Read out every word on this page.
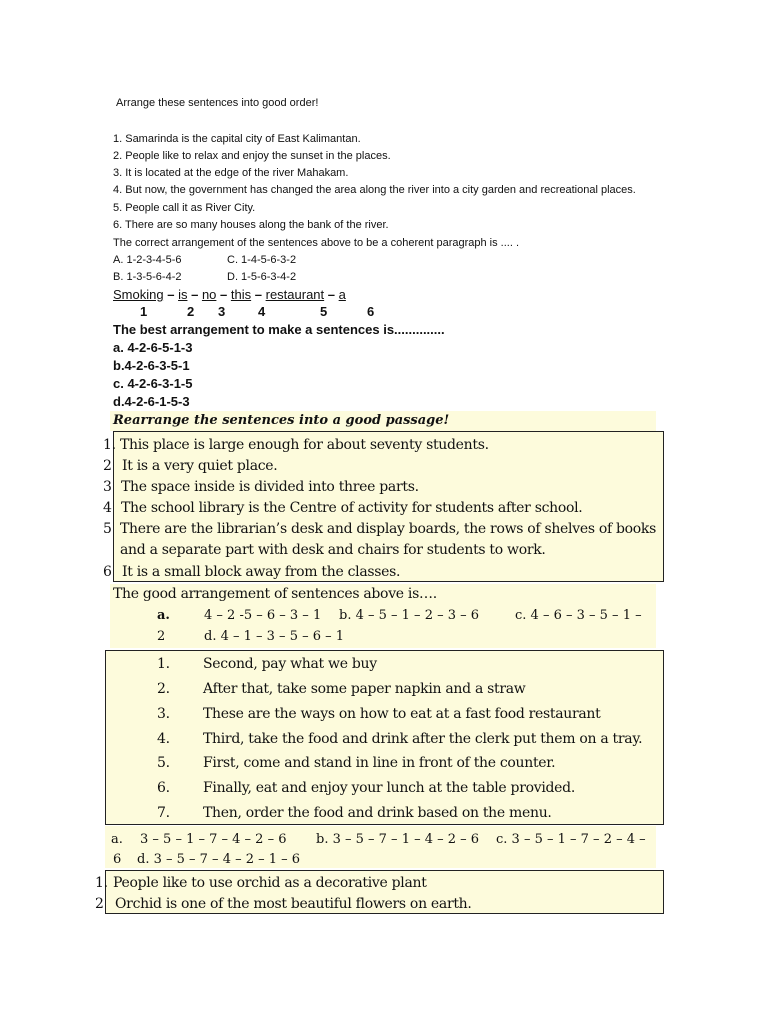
Arrange these sentences into good order!
1. Samarinda is the capital city of East Kalimantan.
2. People like to relax and enjoy the sunset in the places.
3. It is located at the edge of the river Mahakam.
4. But now, the government has changed the area along the river into a city garden and recreational places.
5. People call it as River City.
6. There are so many houses along the bank of the river.
The correct arrangement of the sentences above to be a coherent paragraph is .... .
A. 1-2-3-4-5-6	C. 1-4-5-6-3-2
B. 1-3-5-6-4-2	D. 1-5-6-3-4-2
Smoking – is – no – this – restaurant – a
1	2 3	4	5	6
The best arrangement to make a sentences is..............
a. 4-2-6-5-1-3
b.4-2-6-3-5-1
c. 4-2-6-3-1-5
d.4-2-6-1-5-3
Rearrange the sentences into a good passage!
1.
2
3
4
5
6
This place is large enough for about seventy students.
It is a very quiet place.
The space inside is divided into three parts.
The school library is the Centre of activity for students after school.
There are the librarian’s desk and display boards, the rows of shelves of books
and a separate part with desk and chairs for students to work.
It is a small block away from the classes.
The good arrangement of sentences above is….
a.	4 – 2 -5 – 6 – 3 – 1 b. 4 – 5 – 1 – 2 – 3 – 6	c. 4 – 6 – 3 – 5 – 1 –
2	d. 4 – 1 – 3 – 5 – 6 – 1
1. Second, pay what we buy
2. After that, take some paper napkin and a straw
3. These are the ways on how to eat at a fast food restaurant
4. Third, take the food and drink after the clerk put them on a tray.
5. First, come and stand in line in front of the counter.
6. Finally, eat and enjoy your lunch at the table provided.
7. Then, order the food and drink based on the menu.
a. 3 – 5 – 1 – 7 – 4 – 2 – 6 b. 3 – 5 – 7 – 1 – 4 – 2 – 6 c. 3 – 5 – 1 – 7 – 2 – 4 –
6 d. 3 – 5 – 7 – 4 – 2 – 1 – 6
1.
2
People like to use orchid as a decorative plant
Orchid is one of the most beautiful flowers on earth.
